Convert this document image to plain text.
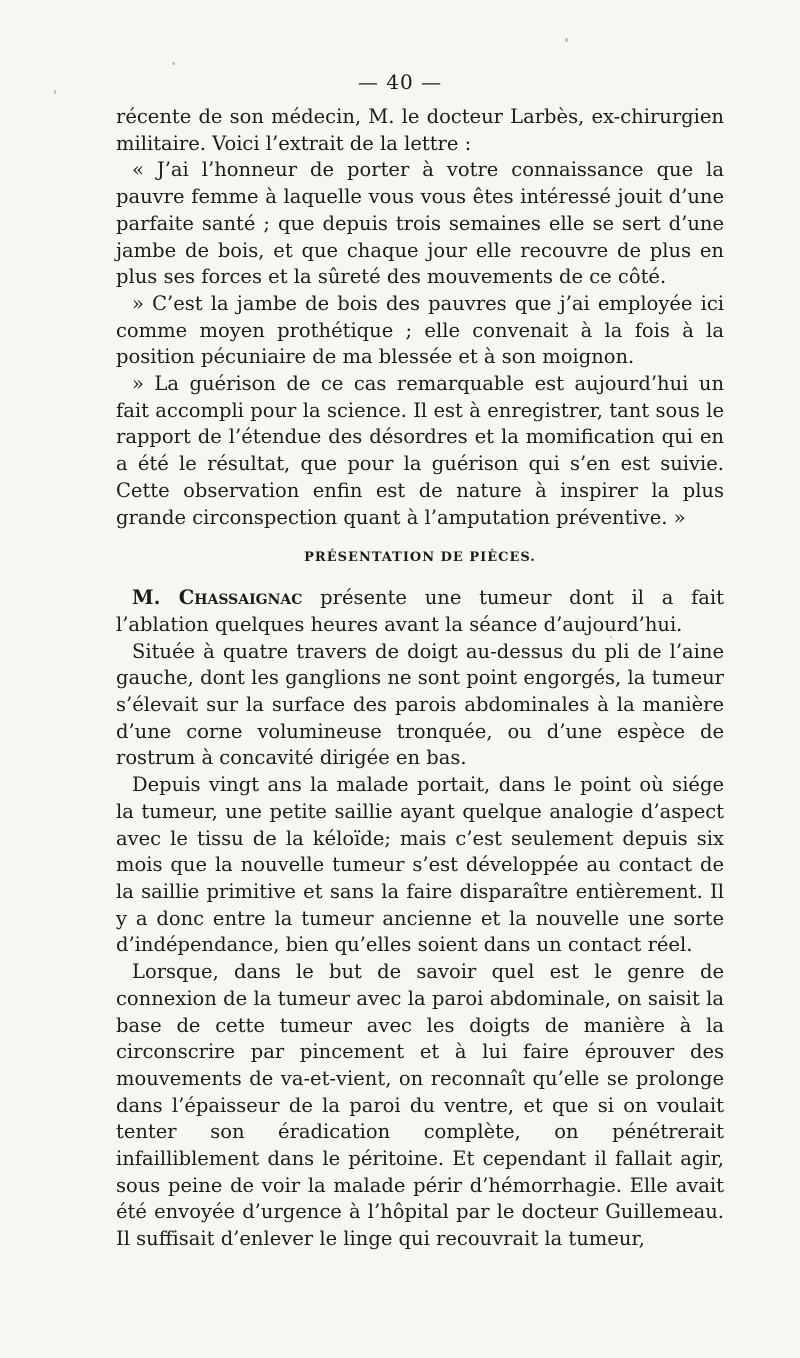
— 40 —

récente de son médecin, M. le docteur Larbès, ex-chirurgien militaire. Voici l’extrait de la lettre :

« J’ai l’honneur de porter à votre connaissance que la pauvre femme à laquelle vous vous êtes intéressé jouit d’une parfaite santé ; que depuis trois semaines elle se sert d’une jambe de bois, et que chaque jour elle recouvre de plus en plus ses forces et la sûreté des mouvements de ce côté.

» C’est la jambe de bois des pauvres que j’ai employée ici comme moyen prothétique ; elle convenait à la fois à la position pécuniaire de ma blessée et à son moignon.

» La guérison de ce cas remarquable est aujourd’hui un fait accompli pour la science. Il est à enregistrer, tant sous le rapport de l’étendue des désordres et la momification qui en a été le résultat, que pour la guérison qui s’en est suivie. Cette observation enfin est de nature à inspirer la plus grande circonspection quant à l’amputation préventive. »

PRÉSENTATION DE PIÈCES.

M. Chassaignac présente une tumeur dont il a fait l’ablation quelques heures avant la séance d’aujourd’hui.

Située à quatre travers de doigt au-dessus du pli de l’aine gauche, dont les ganglions ne sont point engorgés, la tumeur s’élevait sur la surface des parois abdominales à la manière d’une corne volumineuse tronquée, ou d’une espèce de rostrum à concavité dirigée en bas.

Depuis vingt ans la malade portait, dans le point où siége la tumeur, une petite saillie ayant quelque analogie d’aspect avec le tissu de la kéloïde; mais c’est seulement depuis six mois que la nouvelle tumeur s’est développée au contact de la saillie primitive et sans la faire disparaître entièrement. Il y a donc entre la tumeur ancienne et la nouvelle une sorte d’indépendance, bien qu’elles soient dans un contact réel.

Lorsque, dans le but de savoir quel est le genre de connexion de la tumeur avec la paroi abdominale, on saisit la base de cette tumeur avec les doigts de manière à la circonscrire par pincement et à lui faire éprouver des mouvements de va-et-vient, on reconnaît qu’elle se prolonge dans l’épaisseur de la paroi du ventre, et que si on voulait tenter son éradication complète, on pénétrerait infailliblement dans le péritoine. Et cependant il fallait agir, sous peine de voir la malade périr d’hémorrhagie. Elle avait été envoyée d’urgence à l’hôpital par le docteur Guillemeau. Il suffisait d’enlever le linge qui recouvrait la tumeur,
